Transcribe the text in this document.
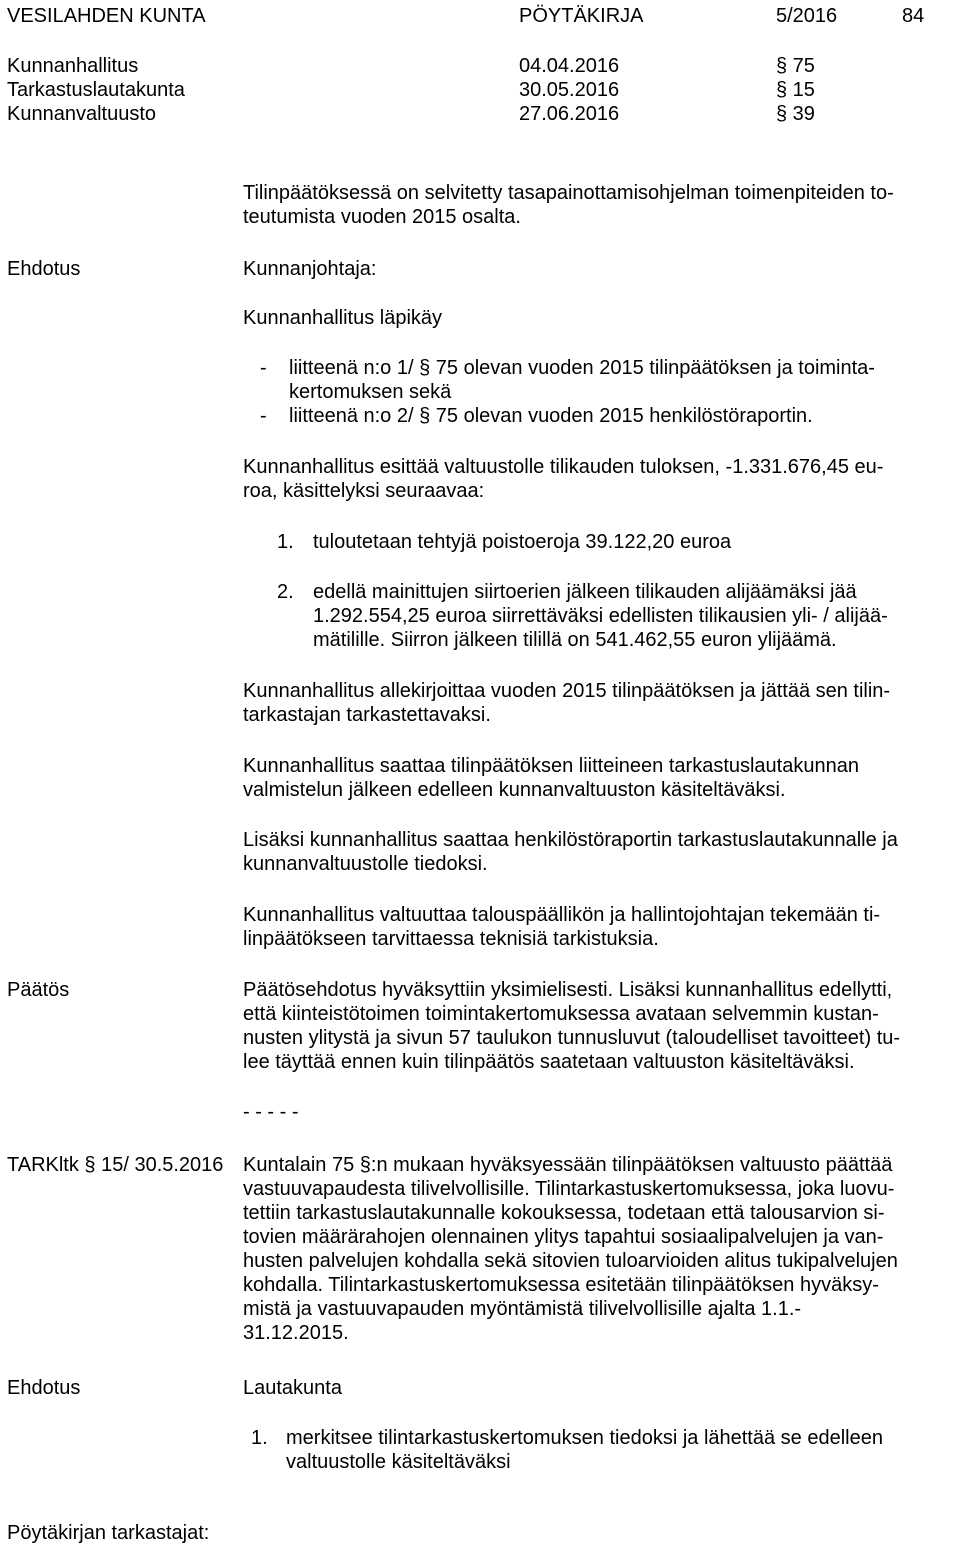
VESILAHDEN KUNTA	PÖYTÄKIRJA	5/2016	84
Kunnanhallitus	04.04.2016	§ 75
Tarkastuslautakunta	30.05.2016	§ 15
Kunnanvaltuusto	27.06.2016	§ 39
Tilinpäätöksessä on selvitetty tasapainottamisohjelman toimenpiteiden to-
teutumista vuoden 2015 osalta.
Ehdotus	Kunnanjohtaja:
Kunnanhallitus läpikäy
- liitteenä n:o 1/ § 75 olevan vuoden 2015 tilinpäätöksen ja toiminta-
kertomuksen sekä
- liitteenä n:o 2/ § 75 olevan vuoden 2015 henkilöstöraportin.
Kunnanhallitus esittää valtuustolle tilikauden tuloksen, -1.331.676,45 eu-
roa, käsittelyksi seuraavaa:
1. tuloutetaan tehtyjä poistoeroja 39.122,20 euroa
2. edellä mainittujen siirtoerien jälkeen tilikauden alijäämäksi jää
1.292.554,25 euroa siirrettäväksi edellisten tilikausien yli- / alijää-
mätilille. Siirron jälkeen tilillä on 541.462,55 euron ylijäämä.
Kunnanhallitus allekirjoittaa vuoden 2015 tilinpäätöksen ja jättää sen tilin-
tarkastajan tarkastettavaksi.
Kunnanhallitus saattaa tilinpäätöksen liitteineen tarkastuslautakunnan
valmistelun jälkeen edelleen kunnanvaltuuston käsiteltäväksi.
Lisäksi kunnanhallitus saattaa henkilöstöraportin tarkastuslautakunnalle ja
kunnanvaltuustolle tiedoksi.
Kunnanhallitus valtuuttaa talouspäällikön ja hallintojohtajan tekemään ti-
linpäätökseen tarvittaessa teknisiä tarkistuksia.
Päätös	Päätösehdotus hyväksyttiin yksimielisesti. Lisäksi kunnanhallitus edellytti,
että kiinteistötoimen toimintakertomuksessa avataan selvemmin kustan-
nusten ylitystä ja sivun 57 taulukon tunnusluvut (taloudelliset tavoitteet) tu-
lee täyttää ennen kuin tilinpäätös saatetaan valtuuston käsiteltäväksi.
- - - - -
TARKltk § 15/ 30.5.2016 Kuntalain 75 §:n mukaan hyväksyessään tilinpäätöksen valtuusto päättää
vastuuvapaudesta tilivelvollisille. Tilintarkastuskertomuksessa, joka luovu-
tettiin tarkastuslautakunnalle kokouksessa, todetaan että talousarvion si-
tovien määrärahojen olennainen ylitys tapahtui sosiaalipalvelujen ja van-
husten palvelujen kohdalla sekä sitovien tuloarvioiden alitus tukipalvelujen
kohdalla. Tilintarkastuskertomuksessa esitetään tilinpäätöksen hyväksy-
mistä ja vastuuvapauden myöntämistä tilivelvollisille ajalta 1.1.-
31.12.2015.
Ehdotus	Lautakunta
1. merkitsee tilintarkastuskertomuksen tiedoksi ja lähettää se edelleen
valtuustolle käsiteltäväksi
Pöytäkirjan tarkastajat:
